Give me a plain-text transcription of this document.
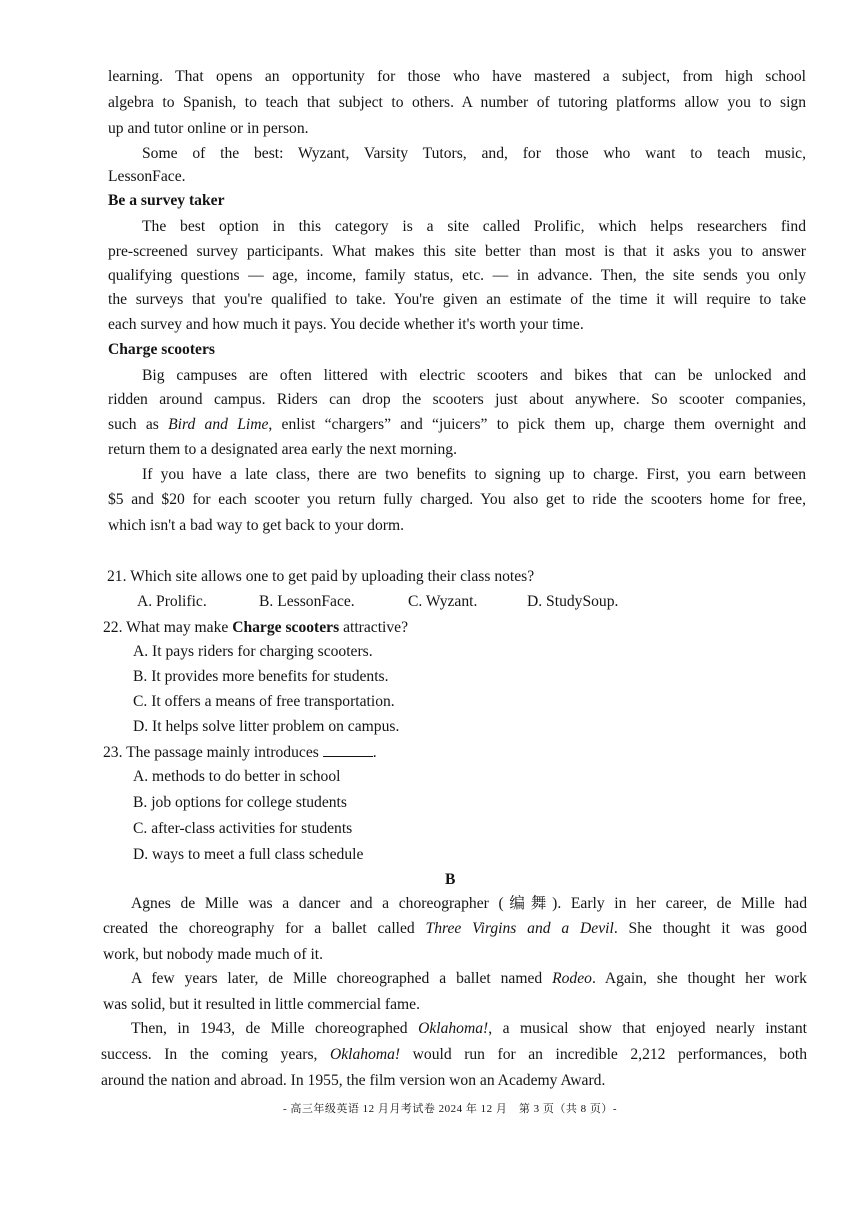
learning. That opens an opportunity for those who have mastered a subject, from high school
algebra to Spanish, to teach that subject to others. A number of tutoring platforms allow you to sign
up and tutor online or in person.
Some of the best: Wyzant, Varsity Tutors, and, for those who want to teach music,
LessonFace.
Be a survey taker
The best option in this category is a site called Prolific, which helps researchers find
pre-screened survey participants. What makes this site better than most is that it asks you to answer
qualifying questions — age, income, family status, etc. — in advance. Then, the site sends you only
the surveys that you're qualified to take. You're given an estimate of the time it will require to take
each survey and how much it pays. You decide whether it's worth your time.
Charge scooters
Big campuses are often littered with electric scooters and bikes that can be unlocked and
ridden around campus. Riders can drop the scooters just about anywhere. So scooter companies,
such as Bird and Lime, enlist “chargers” and “juicers” to pick them up, charge them overnight and
return them to a designated area early the next morning.
If you have a late class, there are two benefits to signing up to charge. First, you earn between
$5 and $20 for each scooter you return fully charged. You also get to ride the scooters home for free,
which isn't a bad way to get back to your dorm.
21. Which site allows one to get paid by uploading their class notes?
A. Prolific.	B. LessonFace.	C. Wyzant.	D. StudySoup.
22. What may make Charge scooters attractive?
A. It pays riders for charging scooters.
B. It provides more benefits for students.
C. It offers a means of free transportation.
D. It helps solve litter problem on campus.
23. The passage mainly introduces	.
A. methods to do better in school
B. job options for college students
C. after-class activities for students
D. ways to meet a full class schedule
B
Agnes de Mille was a dancer and a choreographer (编舞). Early in her career, de Mille had
created the choreography for a ballet called Three Virgins and a Devil. She thought it was good
work, but nobody made much of it.
A few years later, de Mille choreographed a ballet named Rodeo. Again, she thought her work
was solid, but it resulted in little commercial fame.
Then, in 1943, de Mille choreographed Oklahoma!, a musical show that enjoyed nearly instant
success. In the coming years, Oklahoma! would run for an incredible 2,212 performances, both
around the nation and abroad. In 1955, the film version won an Academy Award.
- 高三年级英语 12 月月考试卷 2024 年 12 月　第 3 页（共 8 页）-
